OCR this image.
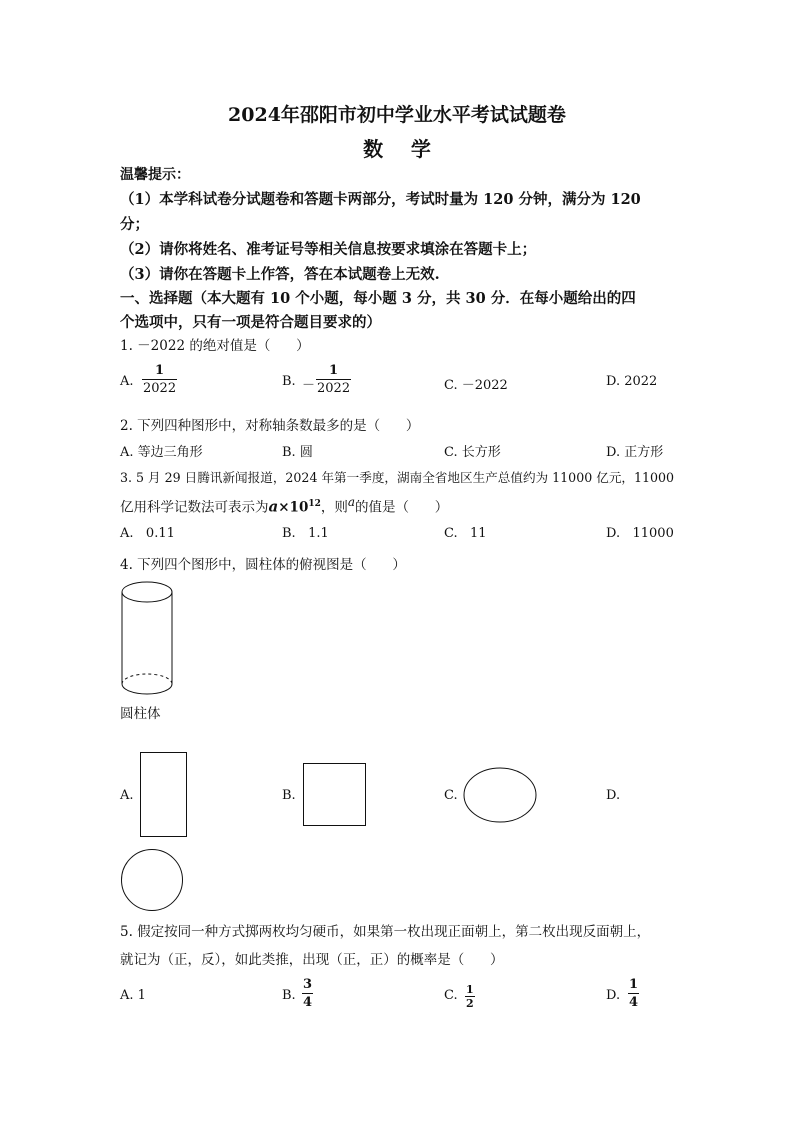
2024年邵阳市初中学业水平考试试题卷
数    学
温馨提示：
（1）本学科试卷分试题卷和答题卡两部分，考试时量为 120 分钟，满分为 120
分；
（2）请你将姓名、准考证号等相关信息按要求填涂在答题卡上；
（3）请你在答题卡上作答，答在本试题卷上无效.
一、选择题（本大题有 10 个小题，每小题 3 分，共 30 分．在每小题给出的四
个选项中，只有一项是符合题目要求的）
1. －2022 的绝对值是（      ）
A. $\frac{1}{2022}$	B. － $\frac{1}{2022}$	C. －2022	D. 2022
2. 下列四种图形中，对称轴条数最多的是（      ）
A. 等边三角形	B. 圆	C. 长方形	D. 正方形
3. 5 月 29 日腾讯新闻报道，2024 年第一季度，湖南全省地区生产总值约为 11000 亿元，11000
亿用科学记数法可表示为$a\times 10^{12}$，则$^a$的值是（      ）
A.   0.11	B.   1.1	C.   11	D.   11000
4. 下列四个图形中，圆柱体的俯视图是（      ）
圆柱体
A.	B.	C.	D.
5. 假定按同一种方式掷两枚均匀硬币，如果第一枚出现正面朝上，第二枚出现反面朝上，
就记为（正，反），如此类推，出现（正，正）的概率是（      ）
A. 1	B. $\frac{3}{4}$	C. $\frac{1}{2}$	D. $\frac{1}{4}$
